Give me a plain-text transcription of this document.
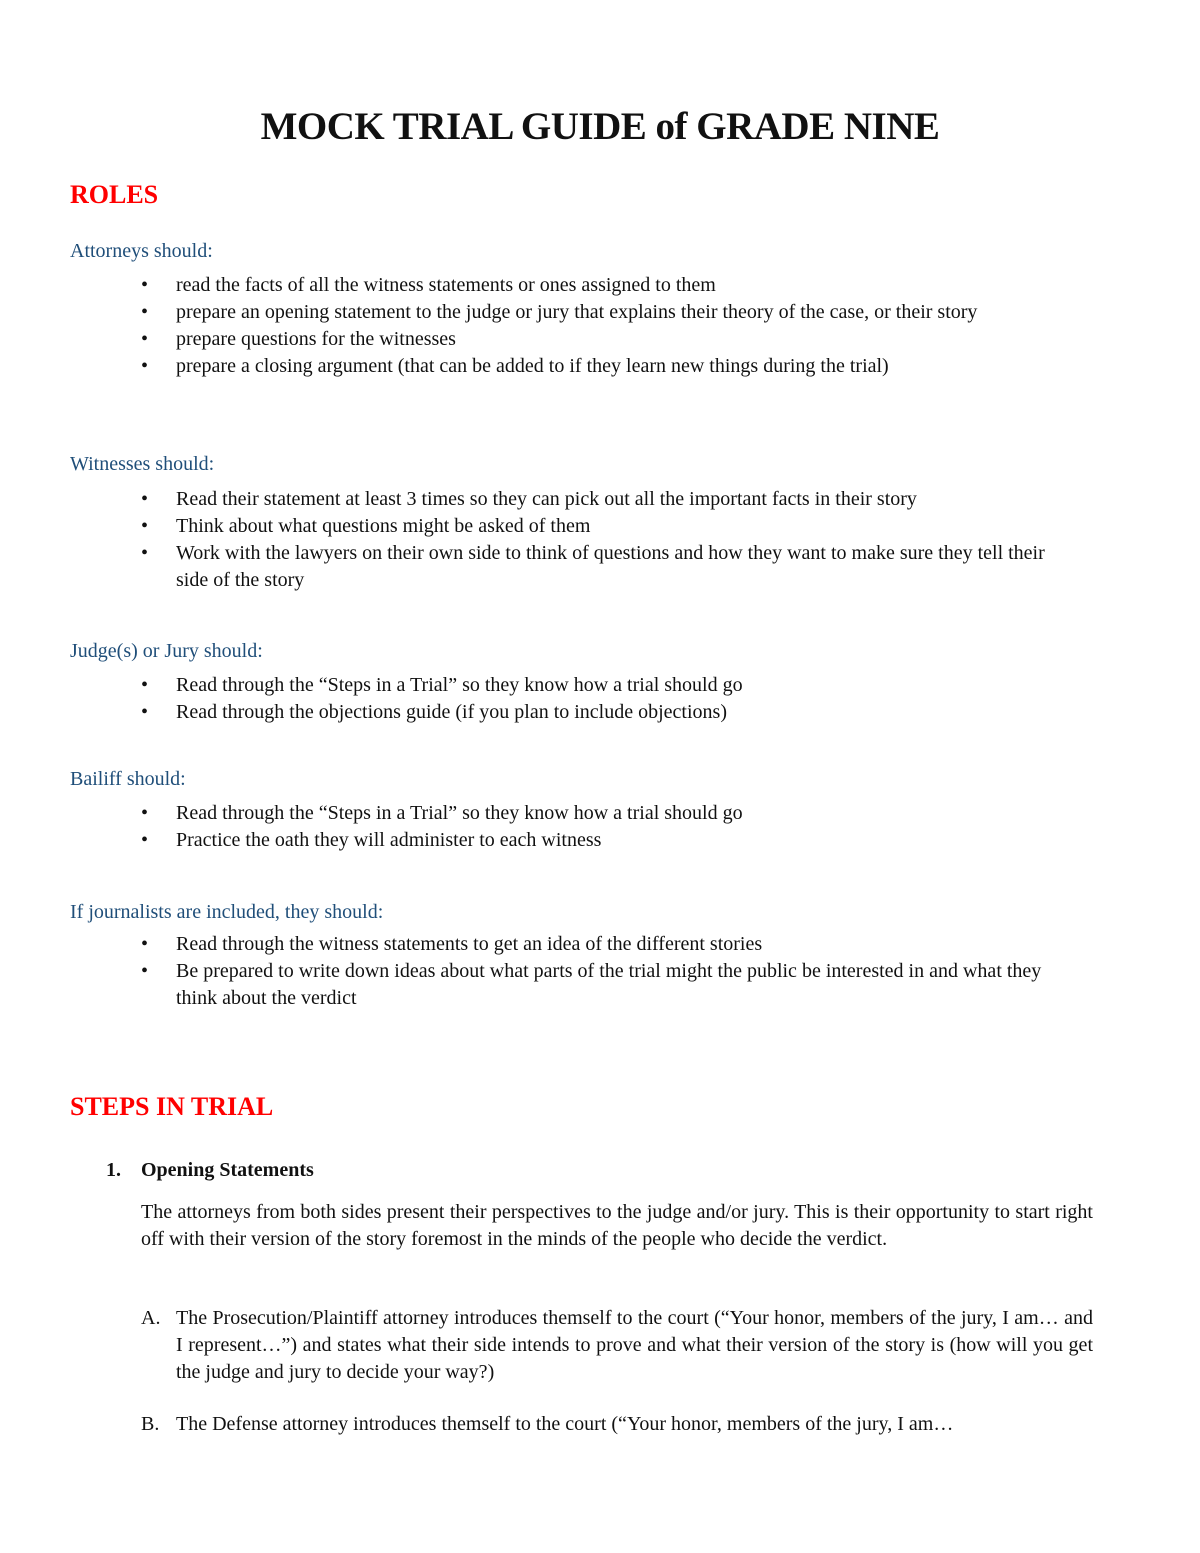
MOCK TRIAL GUIDE of GRADE NINE
ROLES
Attorneys should:
• read the facts of all the witness statements or ones assigned to them
• prepare an opening statement to the judge or jury that explains their theory of the case, or their story
• prepare questions for the witnesses
• prepare a closing argument (that can be added to if they learn new things during the trial)
Witnesses should:
• Read their statement at least 3 times so they can pick out all the important facts in their story
• Think about what questions might be asked of them
• Work with the lawyers on their own side to think of questions and how they want to make sure they tell their side of the story
Judge(s) or Jury should:
• Read through the “Steps in a Trial” so they know how a trial should go
• Read through the objections guide (if you plan to include objections)
Bailiff should:
• Read through the “Steps in a Trial” so they know how a trial should go
• Practice the oath they will administer to each witness
If journalists are included, they should:
• Read through the witness statements to get an idea of the different stories
• Be prepared to write down ideas about what parts of the trial might the public be interested in and what they think about the verdict
STEPS IN TRIAL
1. Opening Statements
The attorneys from both sides present their perspectives to the judge and/or jury. This is their opportunity to start right off with their version of the story foremost in the minds of the people who decide the verdict.
A. The Prosecution/Plaintiff attorney introduces themself to the court (“Your honor, members of the jury, I am… and I represent…”) and states what their side intends to prove and what their version of the story is (how will you get the judge and jury to decide your way?)
B. The Defense attorney introduces themself to the court (“Your honor, members of the jury, I am…
